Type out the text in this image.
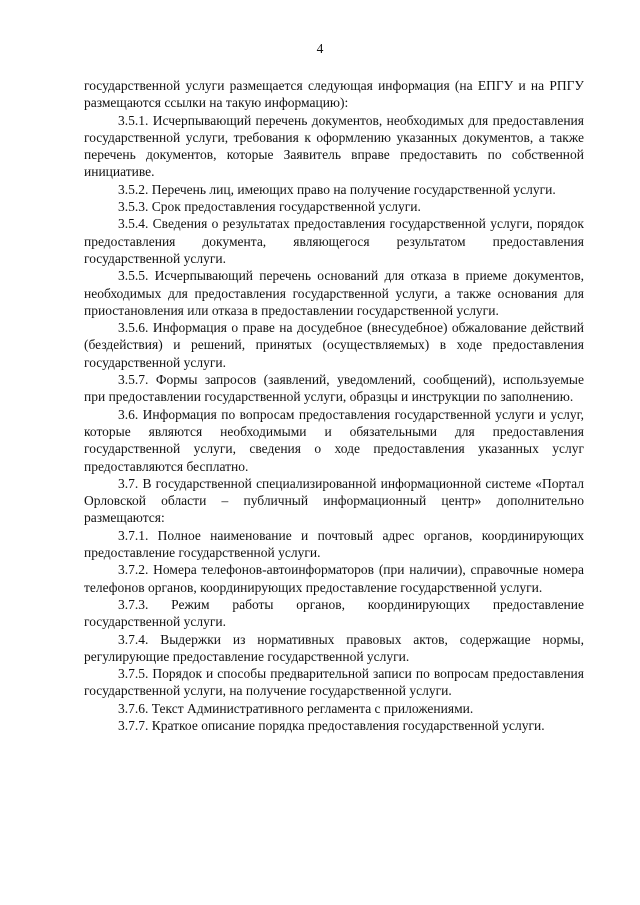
4

государственной услуги размещается следующая информация (на ЕПГУ и на РПГУ размещаются ссылки на такую информацию):

3.5.1. Исчерпывающий перечень документов, необходимых для предоставления государственной услуги, требования к оформлению указанных документов, а также перечень документов, которые Заявитель вправе предоставить по собственной инициативе.

3.5.2. Перечень лиц, имеющих право на получение государственной услуги.

3.5.3. Срок предоставления государственной услуги.

3.5.4. Сведения о результатах предоставления государственной услуги, порядок предоставления документа, являющегося результатом предоставления государственной услуги.

3.5.5. Исчерпывающий перечень оснований для отказа в приеме документов, необходимых для предоставления государственной услуги, а также основания для приостановления или отказа в предоставлении государственной услуги.

3.5.6. Информация о праве на досудебное (внесудебное) обжалование действий (бездействия) и решений, принятых (осуществляемых) в ходе предоставления государственной услуги.

3.5.7. Формы запросов (заявлений, уведомлений, сообщений), используемые при предоставлении государственной услуги, образцы и инструкции по заполнению.

3.6. Информация по вопросам предоставления государственной услуги и услуг, которые являются необходимыми и обязательными для предоставления государственной услуги, сведения о ходе предоставления указанных услуг предоставляются бесплатно.

3.7. В государственной специализированной информационной системе «Портал Орловской области – публичный информационный центр» дополнительно размещаются:

3.7.1. Полное наименование и почтовый адрес органов, координирующих предоставление государственной услуги.

3.7.2. Номера телефонов-автоинформаторов (при наличии), справочные номера телефонов органов, координирующих предоставление государственной услуги.

3.7.3. Режим работы органов, координирующих предоставление государственной услуги.

3.7.4. Выдержки из нормативных правовых актов, содержащие нормы, регулирующие предоставление государственной услуги.

3.7.5. Порядок и способы предварительной записи по вопросам предоставления государственной услуги, на получение государственной услуги.

3.7.6. Текст Административного регламента с приложениями.

3.7.7. Краткое описание порядка предоставления государственной услуги.
